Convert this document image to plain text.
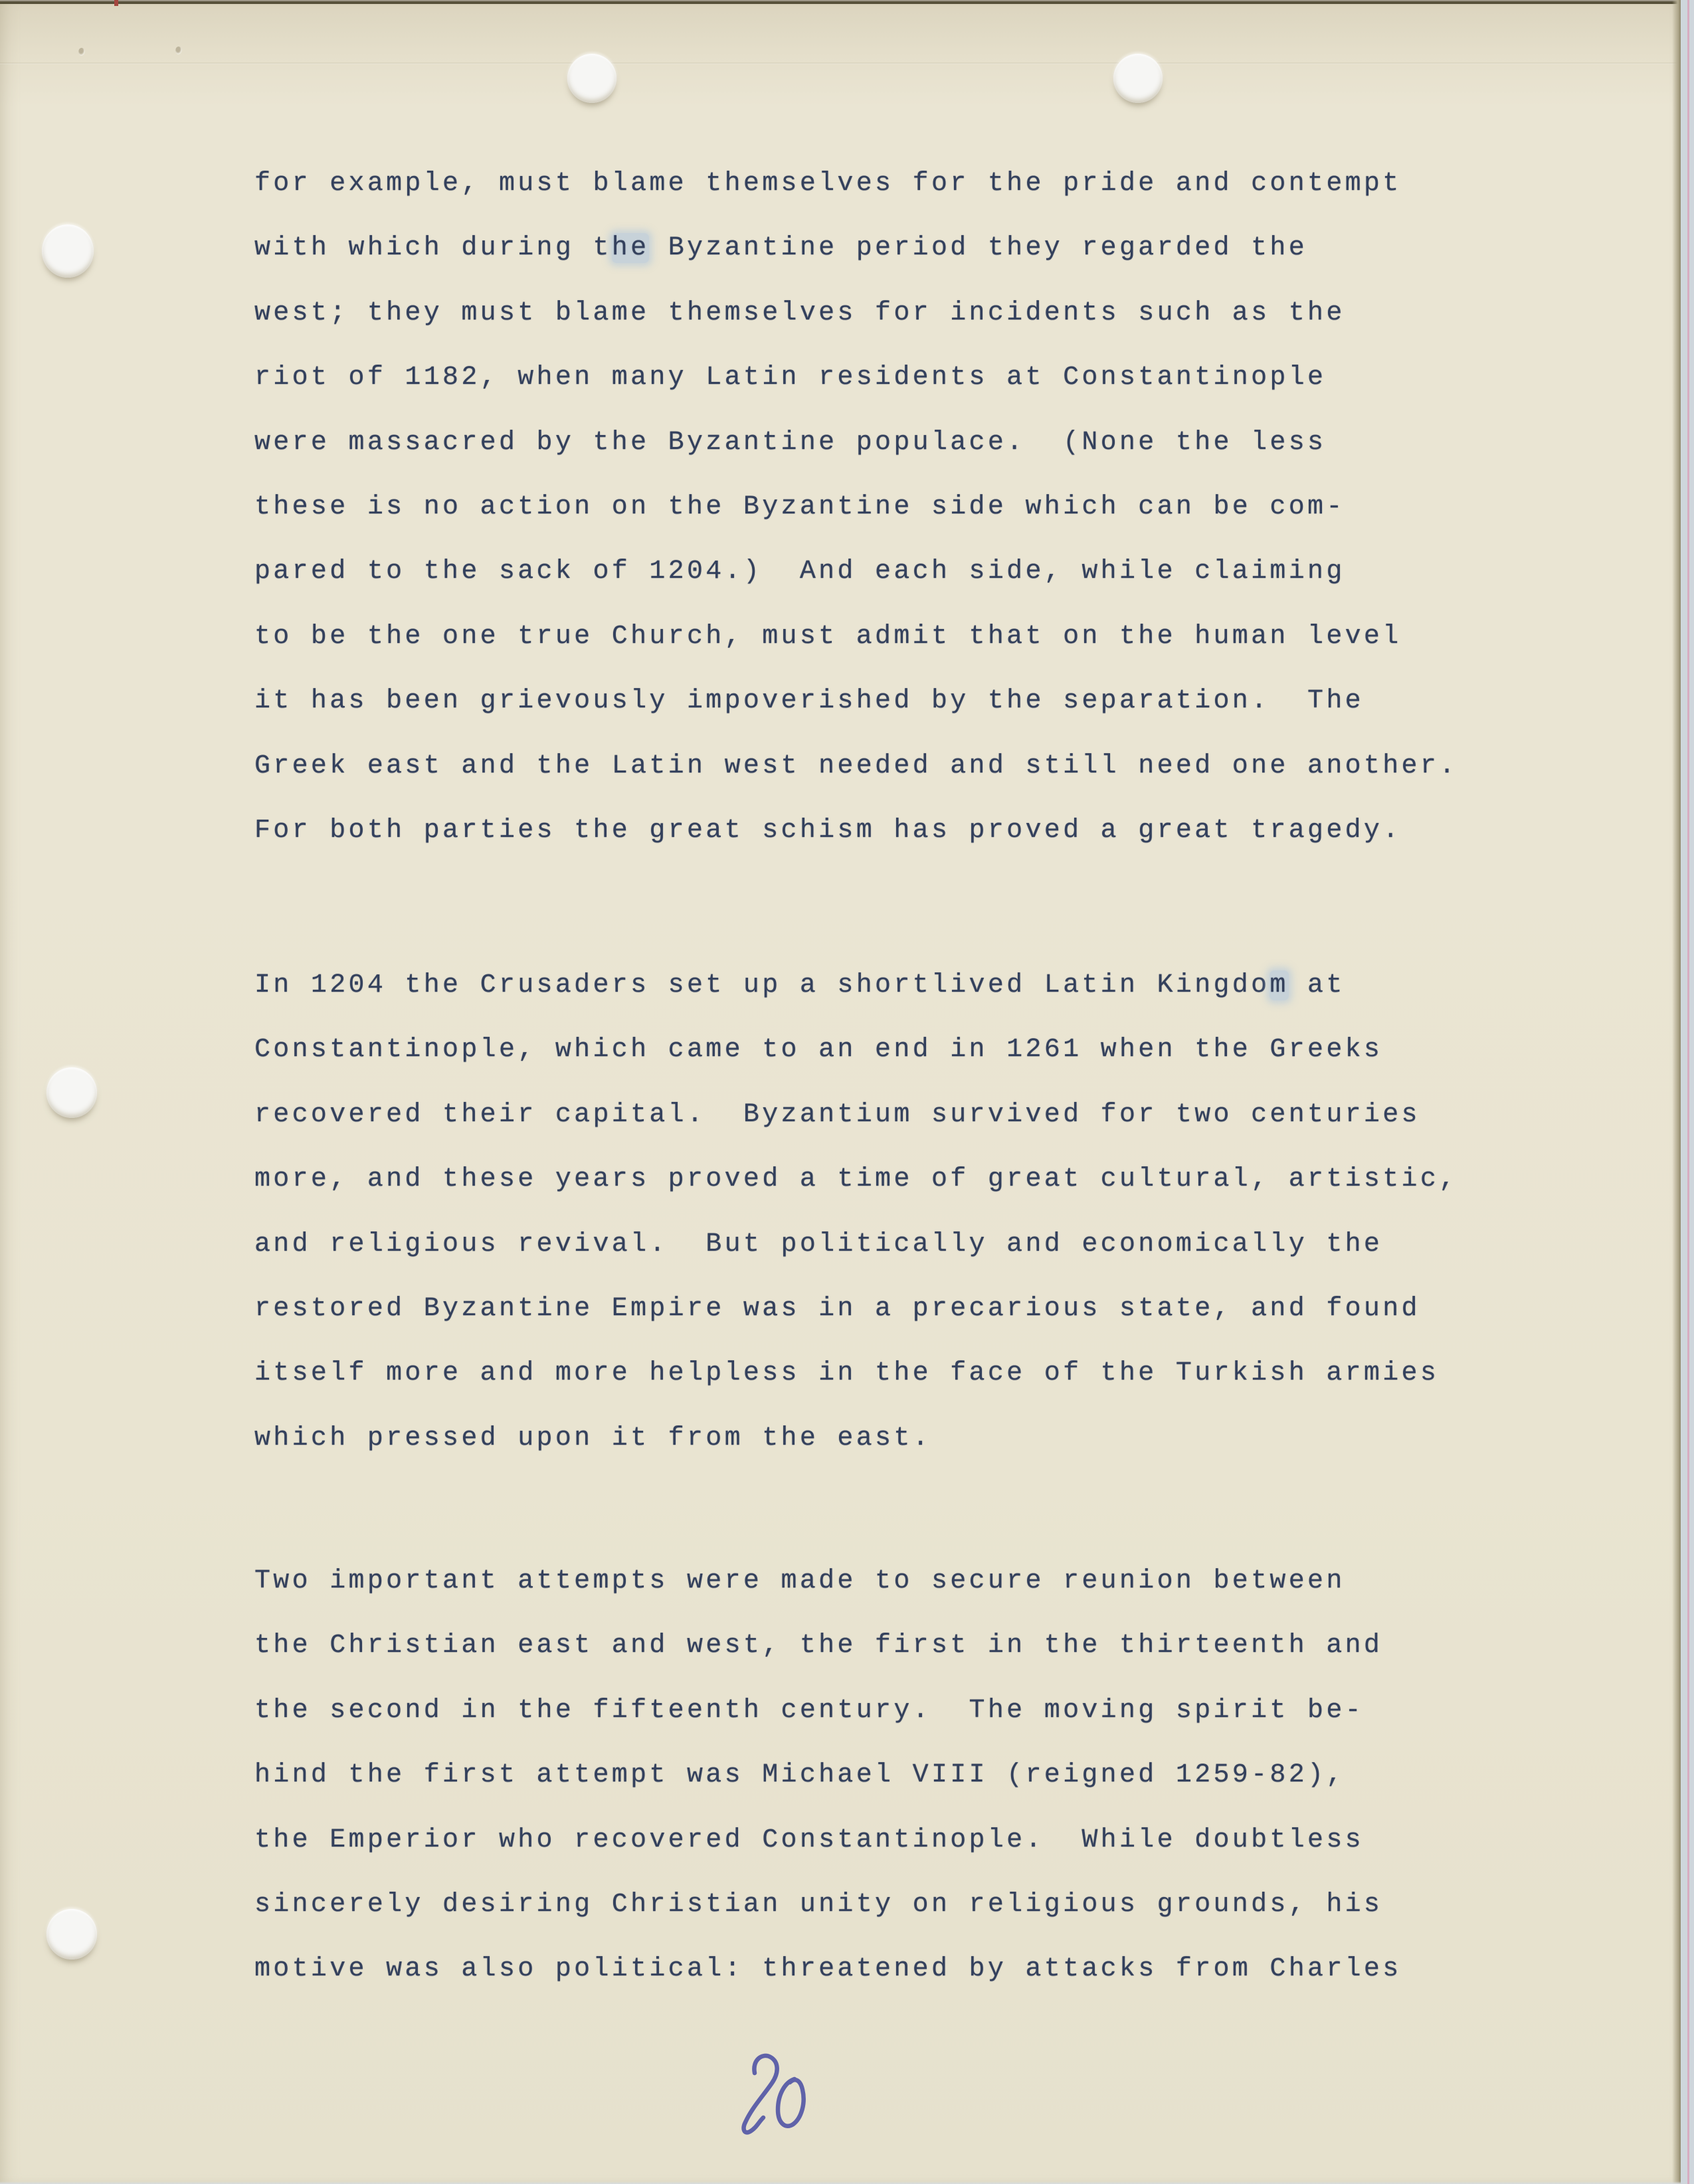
for example, must blame themselves for the pride and contempt
with which during the Byzantine period they regarded the
west; they must blame themselves for incidents such as the
riot of 1182, when many Latin residents at Constantinople
were massacred by the Byzantine populace.  (None the less
these is no action on the Byzantine side which can be com-
pared to the sack of 1204.)  And each side, while claiming
to be the one true Church, must admit that on the human level
it has been grievously impoverished by the separation.  The
Greek east and the Latin west needed and still need one another.
For both parties the great schism has proved a great tragedy.
In 1204 the Crusaders set up a shortlived Latin Kingdom at
Constantinople, which came to an end in 1261 when the Greeks
recovered their capital.  Byzantium survived for two centuries
more, and these years proved a time of great cultural, artistic,
and religious revival.  But politically and economically the
restored Byzantine Empire was in a precarious state, and found
itself more and more helpless in the face of the Turkish armies
which pressed upon it from the east.
Two important attempts were made to secure reunion between
the Christian east and west, the first in the thirteenth and
the second in the fifteenth century.  The moving spirit be-
hind the first attempt was Michael VIII (reigned 1259-82),
the Emperior who recovered Constantinople.  While doubtless
sincerely desiring Christian unity on religious grounds, his
motive was also political: threatened by attacks from Charles
